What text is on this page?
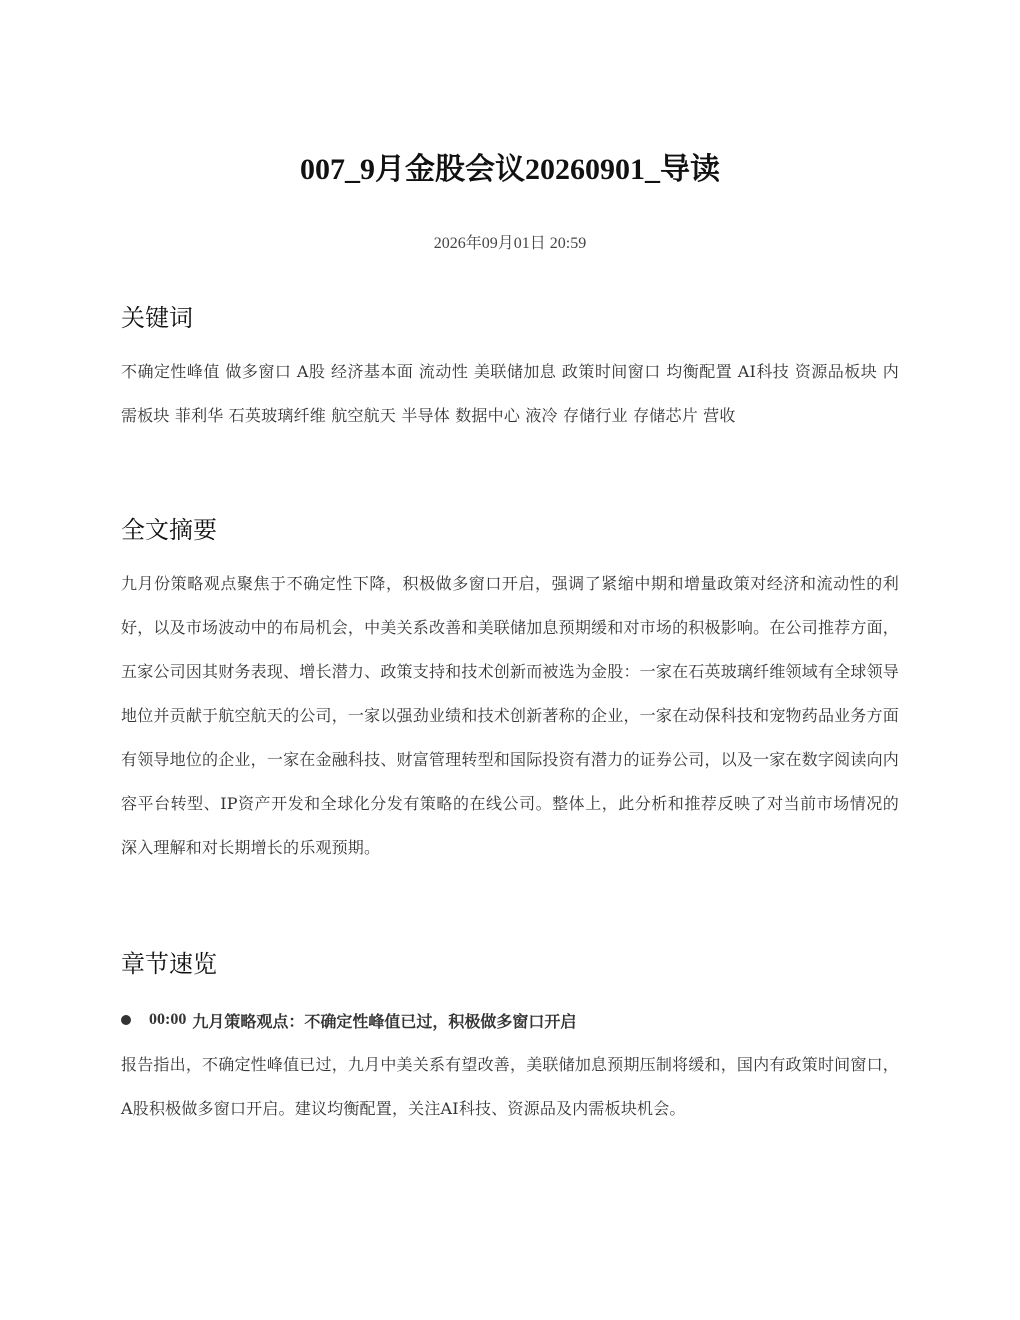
007_9月金股会议20260901_导读
2026年09月01日 20:59
关键词

不确定性峰值 做多窗口 A股 经济基本面 流动性 美联储加息 政策时间窗口 均衡配置 AI科技 资源品板块 内需板块 菲利华 石英玻璃纤维 航空航天 半导体 数据中心 液冷 存储行业 存储芯片 营收

全文摘要

九月份策略观点聚焦于不确定性下降，积极做多窗口开启，强调了紧缩中期和增量政策对经济和流动性的利好，以及市场波动中的布局机会，中美关系改善和美联储加息预期缓和对市场的积极影响。在公司推荐方面，五家公司因其财务表现、增长潜力、政策支持和技术创新而被选为金股：一家在石英玻璃纤维领域有全球领导地位并贡献于航空航天的公司，一家以强劲业绩和技术创新著称的企业，一家在动保科技和宠物药品业务方面有领导地位的企业，一家在金融科技、财富管理转型和国际投资有潜力的证券公司，以及一家在数字阅读向内容平台转型、IP资产开发和全球化分发有策略的在线公司。整体上，此分析和推荐反映了对当前市场情况的深入理解和对长期增长的乐观预期。

章节速览
00:00 九月策略观点：不确定性峰值已过，积极做多窗口开启

报告指出，不确定性峰值已过，九月中美关系有望改善，美联储加息预期压制将缓和，国内有政策时间窗口，A股积极做多窗口开启。建议均衡配置，关注AI科技、资源品及内需板块机会。
